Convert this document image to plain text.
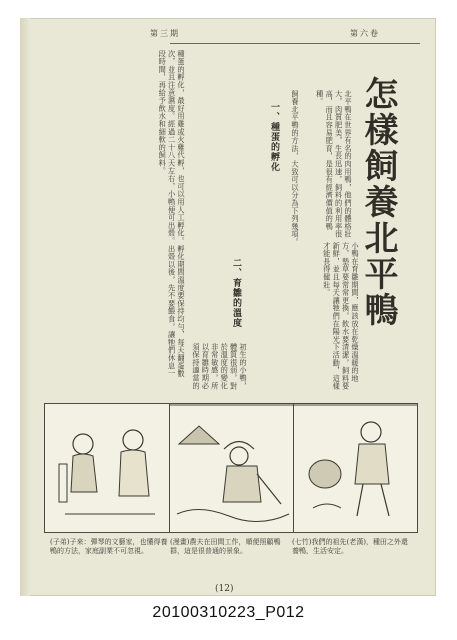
第三期	第六卷
怎樣飼養北平鴨
北平鴨在世界有名的肉用鴨，他們的體格壯大，肉質肥美，生長迅速，飼料的利用率很高，而且容易肥育，是很有經濟價值的鴨種。
飼養北平鴨的方法，大致可以分為下列幾項。
一、種蛋的孵化
二、育雛的溫度
種蛋的孵化，最好用雞或火雞代孵，也可以用人工孵化。孵化期間溫度要保持均勻，每天翻蛋數次，並且注意濕度。經過二十八天左右，小鴨便可出殼。出殼以後，先不要餵食，讓牠們休息一段時間，再給予飲水和細軟的飼料。
小鴨在育雛期間，應該放在乾燥溫暖的地方，墊草要常常更換，飲水要清潔，飼料要新鮮，並且每天讓牠們在陽光下活動，這樣才能長得健壯。
初生的小鴨，體質很弱，對於溫度的變化非常敏感，所以育雛時期必須保持適當的
(子弟)子來：彈琴的文藝家，也懂得養鴨的方法，家庭副業不可忽視。
(漫畫)農夫在田間工作，順便照顧鴨群，這是很普通的景象。
(七竹)我們的祖先(老漢)，種田之外還養鴨，生活安定。
(12)
20100310223_P012
